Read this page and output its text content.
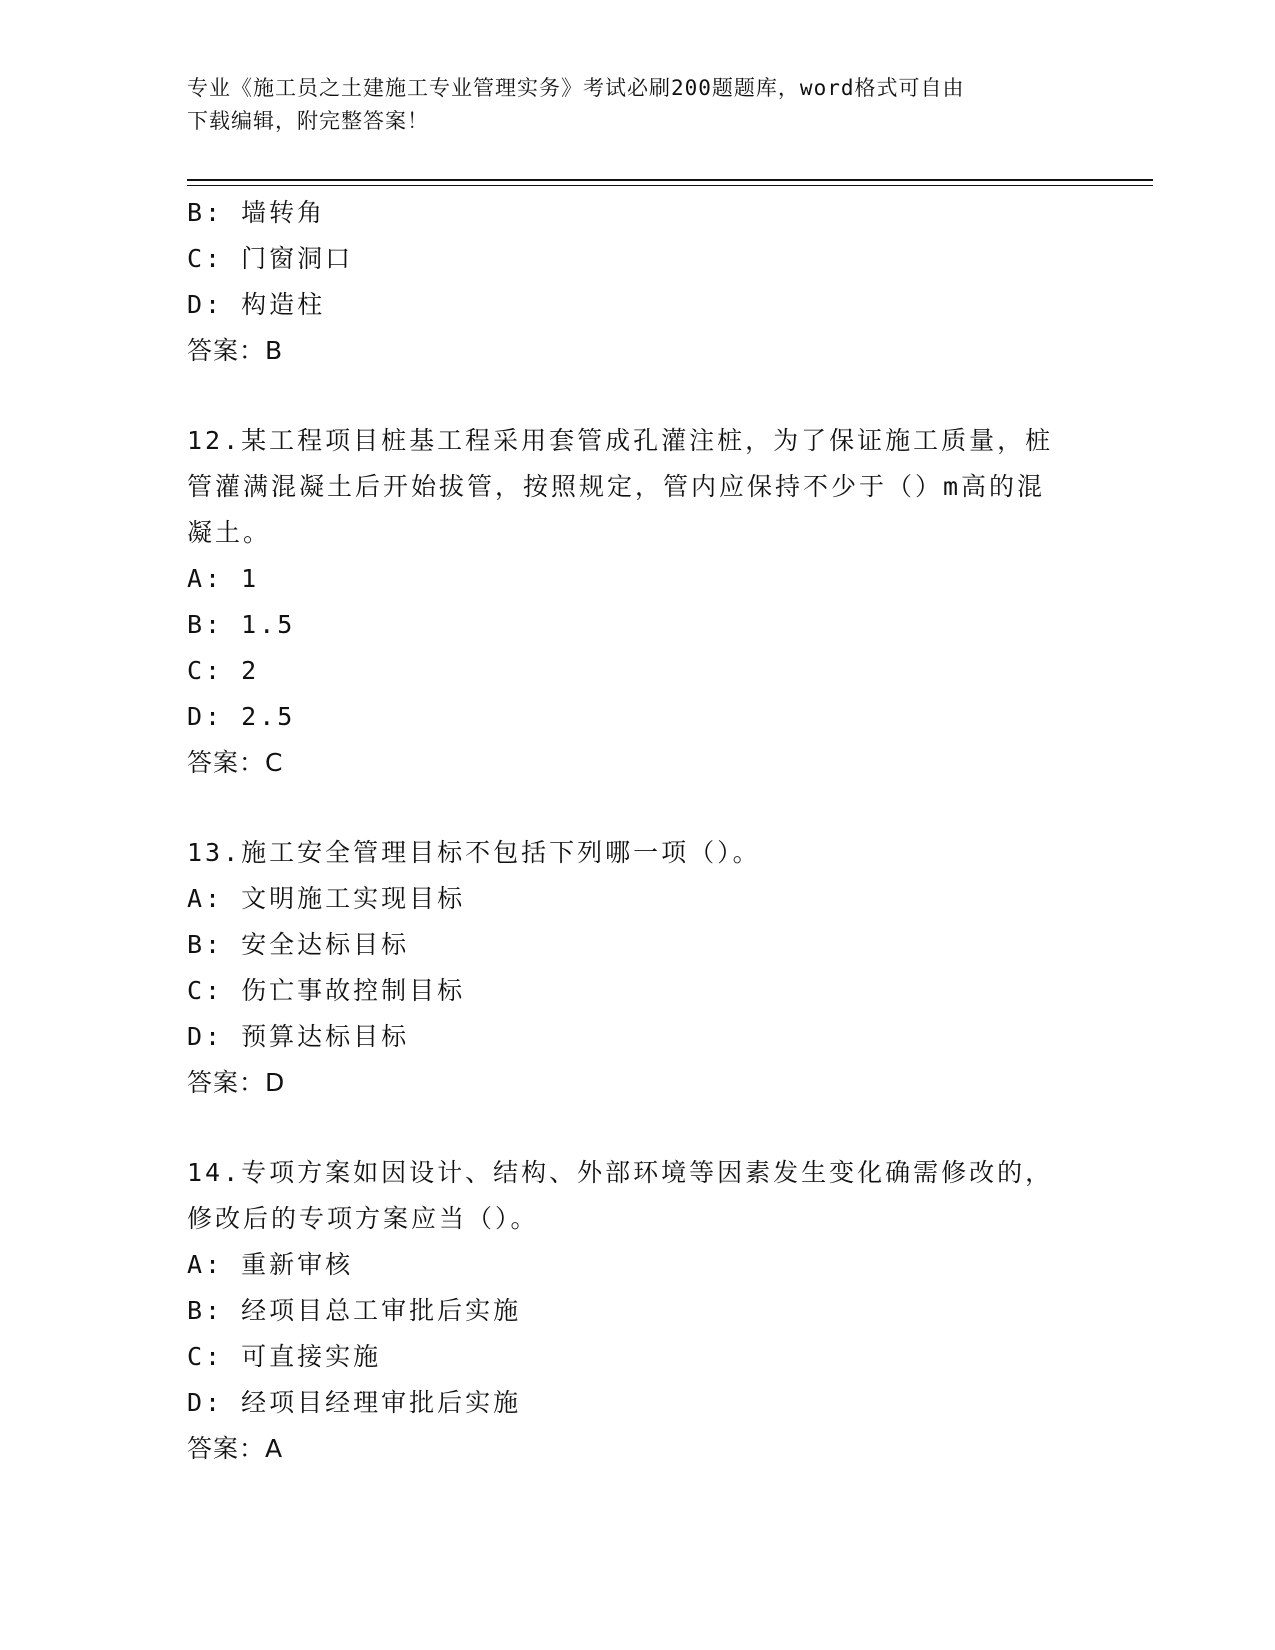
专业《施工员之土建施工专业管理实务》考试必刷200题题库，word格式可自由
下载编辑，附完整答案！
B: 墙转角
C: 门窗洞口
D: 构造柱
答案：B
12.某工程项目桩基工程采用套管成孔灌注桩，为了保证施工质量，桩
管灌满混凝土后开始拔管，按照规定，管内应保持不少于（）m高的混
凝土。
A: 1
B: 1.5
C: 2
D: 2.5
答案：C
13.施工安全管理目标不包括下列哪一项（）。
A: 文明施工实现目标
B: 安全达标目标
C: 伤亡事故控制目标
D: 预算达标目标
答案：D
14.专项方案如因设计、结构、外部环境等因素发生变化确需修改的，
修改后的专项方案应当（）。
A: 重新审核
B: 经项目总工审批后实施
C: 可直接实施
D: 经项目经理审批后实施
答案：A
